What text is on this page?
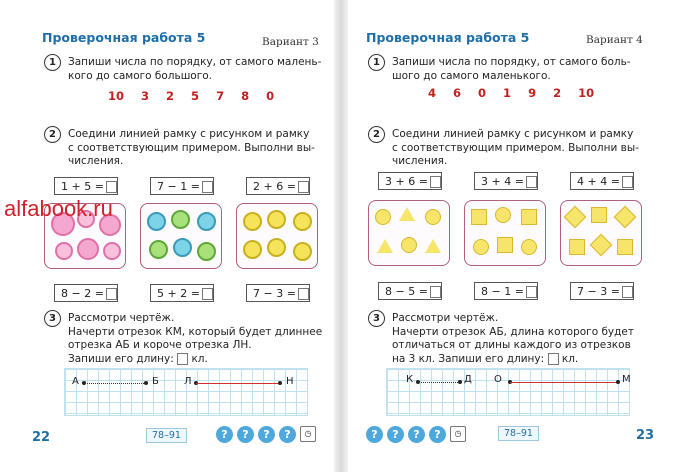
Проверочная работа 5	Вариант 3
1	Запиши числа по порядку, от самого малень-
кого до самого большого.
10 3 2 5 7 8 0
2	Соедини линией рамку с рисунком и рамку
с соответствующим примером. Выполни вы-
числения.
1 + 5 =	7 − 1 =	2 + 6 =
8 − 2 =	5 + 2 =	7 − 3 =
3	Рассмотри чертёж.
Начерти отрезок КМ, который будет длиннее
отрезка АБ и короче отрезка ЛН.
Запиши его длину: кл.
А	Б	Л	Н
22	78–91	?	?	?	?	◷
Проверочная работа 5	Вариант 4
1	Запиши числа по порядку, от самого боль-
шого до самого маленького.
4 6 0 1 9 2 10
2	Соедини линией рамку с рисунком и рамку
с соответствующим примером. Выполни вы-
числения.
3 + 6 =	3 + 4 =	4 + 4 =
8 − 5 =	8 − 1 =	7 − 3 =
3	Рассмотри чертёж.
Начерти отрезок АБ, длина которого будет
отличаться от длины каждого из отрезков
на 3 кл. Запиши его длину: кл.
К	Д О	М
?	?	?	?	◷	78–91	23
alfabook.ru
